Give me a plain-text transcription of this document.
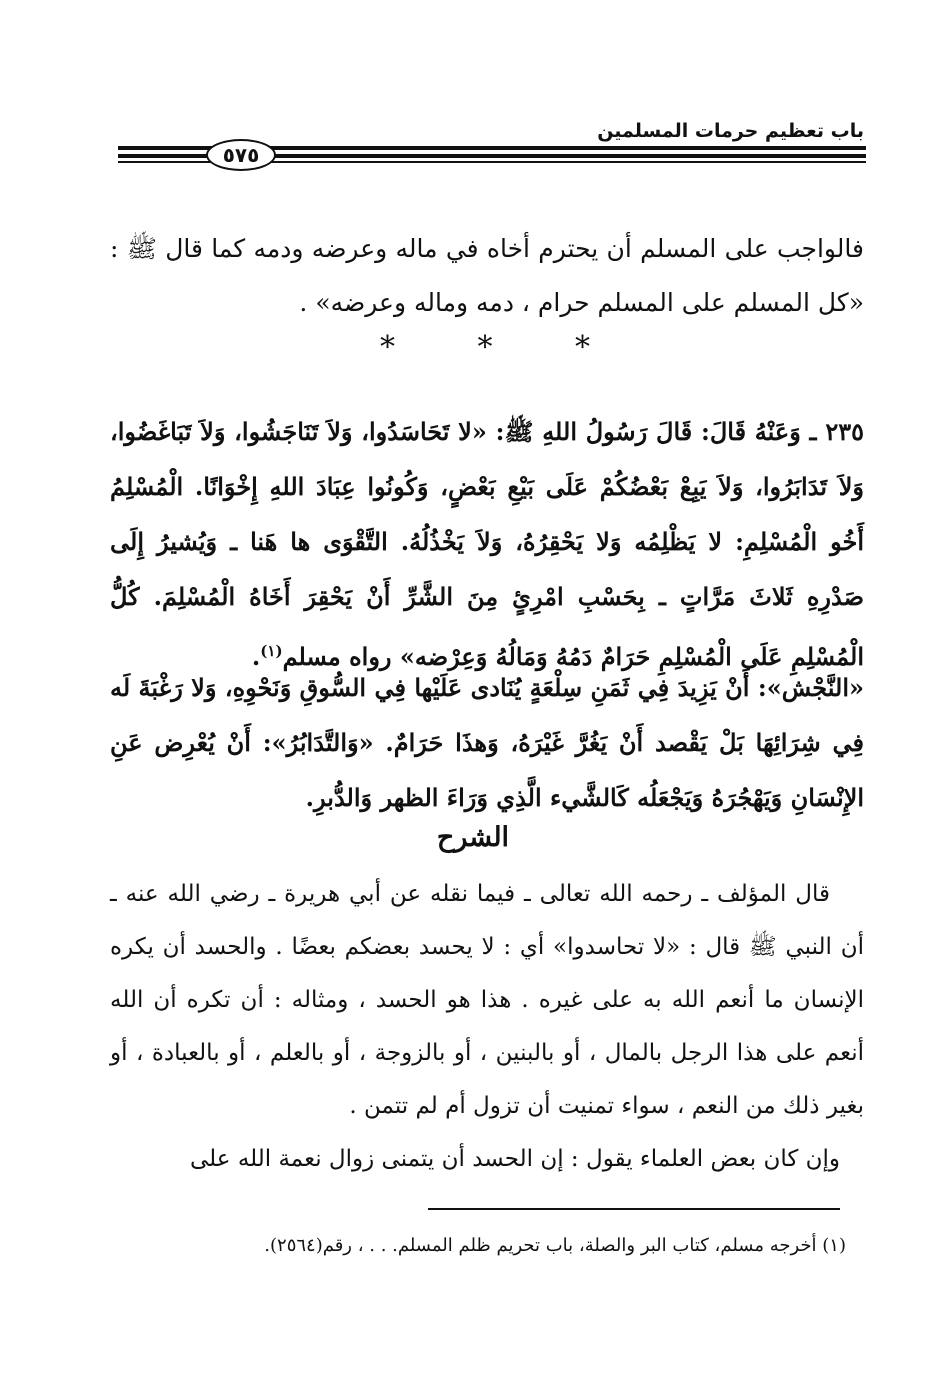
باب تعظيم حرمات المسلمين
٥٧٥
فالواجب على المسلم أن يحترم أخاه في ماله وعرضه ودمه كما قال ﷺ : «كل المسلم على المسلم حرام ، دمه وماله وعرضه» .
*
*
*
٢٣٥ ـ وَعَنْهُ قَالَ: قَالَ رَسُولُ اللهِ ﷺ: «لا تَحَاسَدُوا، وَلاَ تَنَاجَشُوا، وَلاَ تَبَاغَضُوا، وَلاَ تَدَابَرُوا، وَلاَ يَبِعْ بَعْضُكُمْ عَلَى بَيْعِ بَعْضٍ، وَكُونُوا عِبَادَ اللهِ إِخْوَانًا. الْمُسْلِمُ أَخُو الْمُسْلِمِ: لا يَظْلِمُه وَلا يَحْقِرُهُ، وَلاَ يَخْذُلُهُ. التَّقْوَى ها هَنا ـ وَيُشيرُ إِلَى صَدْرِهِ ثَلاثَ مَرَّاتٍ ـ بِحَسْبِ امْرِئٍ مِنَ الشَّرِّ أَنْ يَحْقِرَ أَخَاهُ الْمُسْلِمَ. كُلُّ الْمُسْلِمِ عَلَى الْمُسْلِمِ حَرَامٌ دَمُهُ وَمَالُهُ وَعِرْضه» رواه مسلم$^{(١)}$.
«النَّجْش»: أَنْ يَزِيدَ فِي ثَمَنِ سِلْعَةٍ يُنَادى عَلَيْها فِي السُّوقِ وَنَحْوِهِ، وَلا رَغْبَةَ لَه فِي شِرَائِهَا بَلْ يَقْصد أَنْ يَغُرَّ غَيْرَهُ، وَهذَا حَرَامٌ. «وَالتَّدَابُرُ»: أَنْ يُعْرِض عَنِ الإِنْسَانِ وَيَهْجُرَهُ وَيَجْعَلُه كَالشَّيء الَّذِي وَرَاءَ الظهر وَالدُّبرِ.
الشرح
قال المؤلف ـ رحمه الله تعالى ـ فيما نقله عن أبي هريرة ـ رضي الله عنه ـ أن النبي ﷺ قال : «لا تحاسدوا» أي : لا يحسد بعضكم بعضًا . والحسد أن يكره الإنسان ما أنعم الله به على غيره . هذا هو الحسد ، ومثاله : أن تكره أن الله أنعم على هذا الرجل بالمال ، أو بالبنين ، أو بالزوجة ، أو بالعلم ، أو بالعبادة ، أو بغير ذلك من النعم ، سواء تمنيت أن تزول أم لم تتمن .
وإن كان بعض العلماء يقول : إن الحسد أن يتمنى زوال نعمة الله على
(١) أخرجه مسلم، كتاب البر والصلة، باب تحريم ظلم المسلم. . . ، رقم(٢٥٦٤).
